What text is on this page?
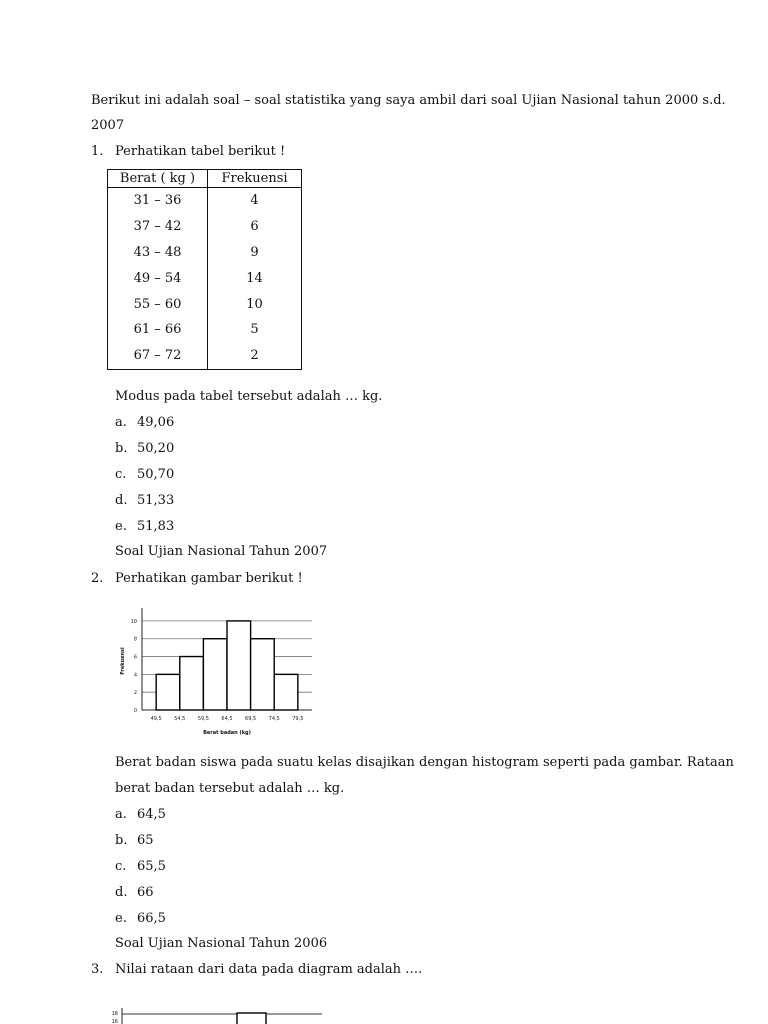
Berikut ini adalah soal – soal statistika yang saya ambil dari soal Ujian Nasional tahun 2000 s.d.
2007
1. Perhatikan tabel berikut !
Berat ( kg )	Frekuensi
31 – 36	4
37 – 42	6
43 – 48	9
49 – 54	14
55 – 60	10
61 – 66	5
67 – 72	2
Modus pada tabel tersebut adalah … kg.
a. 49,06
b. 50,20
c. 50,70
d. 51,33
e. 51,83
Soal Ujian Nasional Tahun 2007
2. Perhatikan gambar berikut !
0
2
4
6
8
10
49,5 54,5 59,5 64,5 69,5 74,5 79,5
Berat badan (kg)
Frekuensi
Berat badan siswa pada suatu kelas disajikan dengan histogram seperti pada gambar. Rataan
berat badan tersebut adalah … kg.
a. 64,5
b. 65
c. 65,5
d. 66
e. 66,5
Soal Ujian Nasional Tahun 2006
3. Nilai rataan dari data pada diagram adalah ….
18
16
